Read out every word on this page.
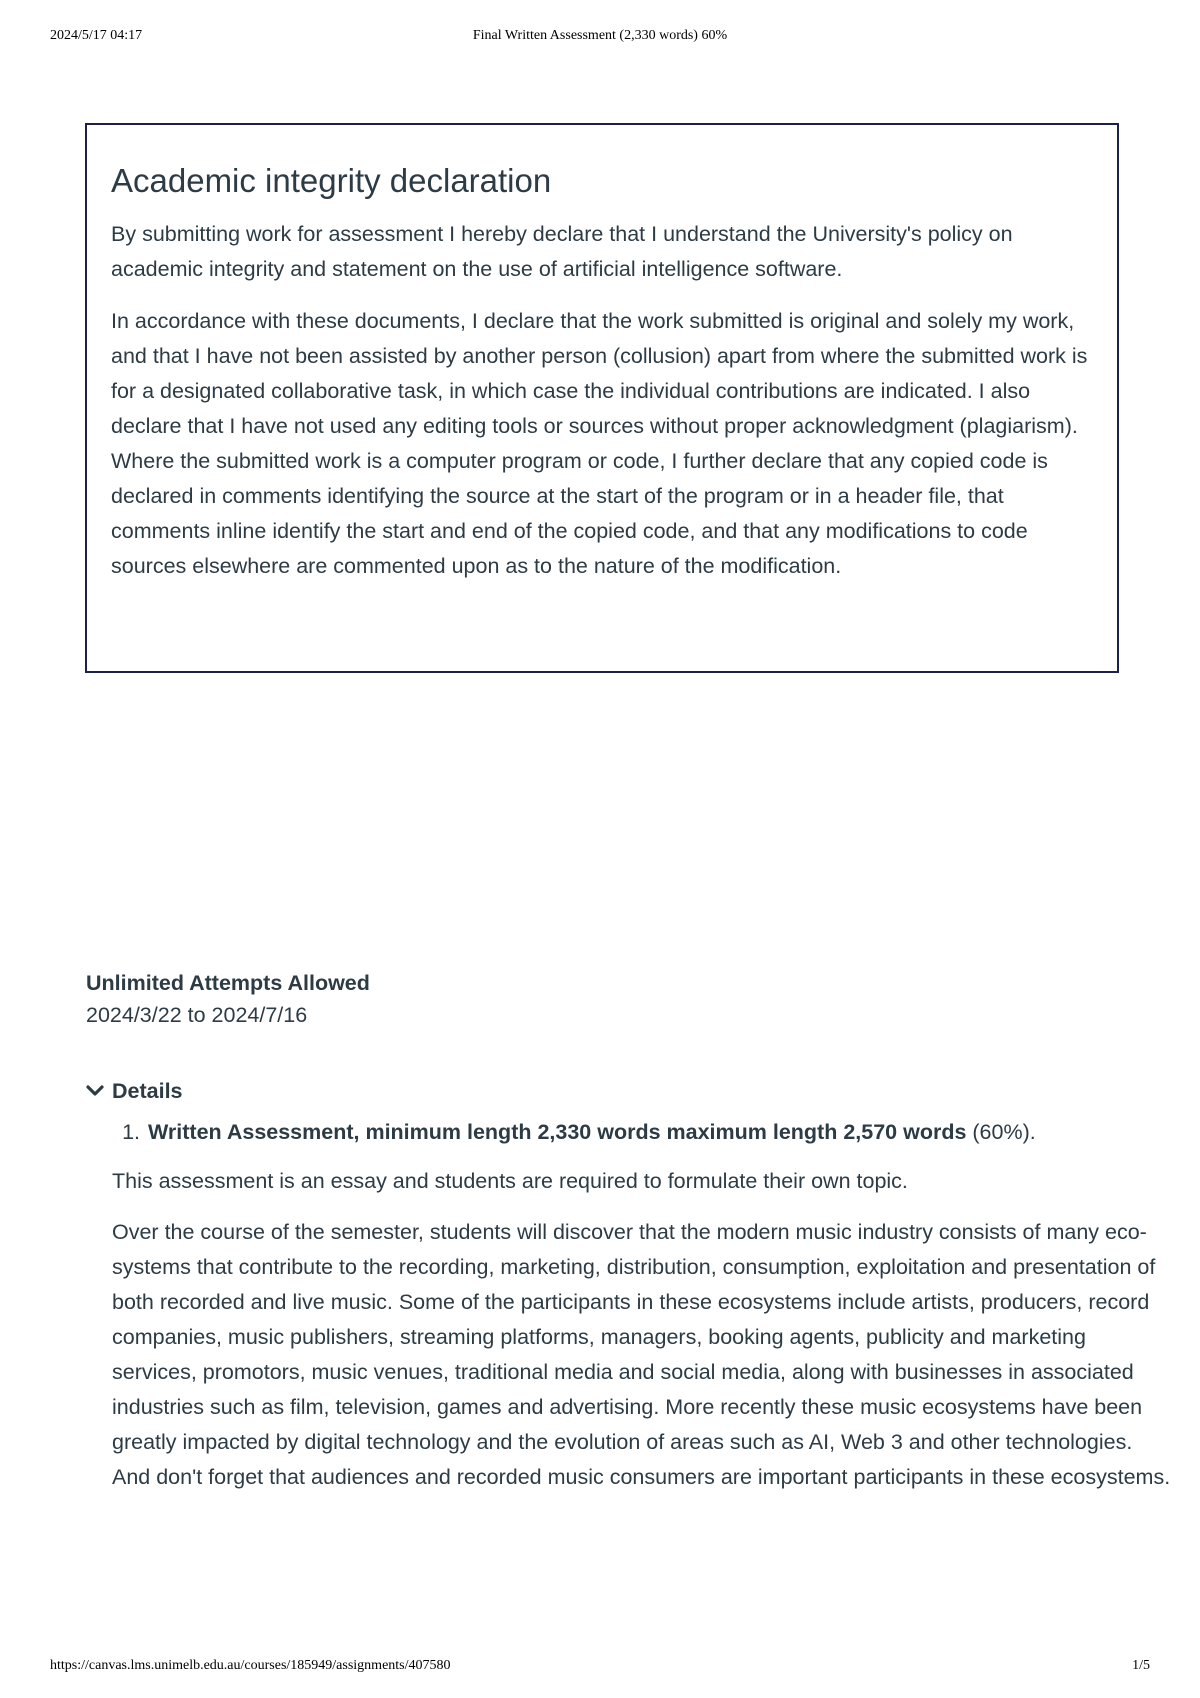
2024/5/17 04:17	Final Written Assessment (2,330 words) 60%
Academic integrity declaration

By submitting work for assessment I hereby declare that I understand the University's policy on academic integrity and statement on the use of artificial intelligence software.

In accordance with these documents, I declare that the work submitted is original and solely my work, and that I have not been assisted by another person (collusion) apart from where the submitted work is for a designated collaborative task, in which case the individual contributions are indicated. I also declare that I have not used any editing tools or sources without proper acknowledgment (plagiarism). Where the submitted work is a computer program or code, I further declare that any copied code is declared in comments identifying the source at the start of the program or in a header file, that comments inline identify the start and end of the copied code, and that any modifications to code sources elsewhere are commented upon as to the nature of the modification.

Unlimited Attempts Allowed
2024/3/22 to 2024/7/16
Details
1. Written Assessment, minimum length 2,330 words maximum length 2,570 words (60%).

This assessment is an essay and students are required to formulate their own topic.

Over the course of the semester, students will discover that the modern music industry consists of many eco-systems that contribute to the recording, marketing, distribution, consumption, exploitation and presentation of both recorded and live music. Some of the participants in these ecosystems include artists, producers, record companies, music publishers, streaming platforms, managers, booking agents, publicity and marketing services, promotors, music venues, traditional media and social media, along with businesses in associated industries such as film, television, games and advertising. More recently these music ecosystems have been greatly impacted by digital technology and the evolution of areas such as AI, Web 3 and other technologies. And don't forget that audiences and recorded music consumers are important participants in these ecosystems.

https://canvas.lms.unimelb.edu.au/courses/185949/assignments/407580	1/5
